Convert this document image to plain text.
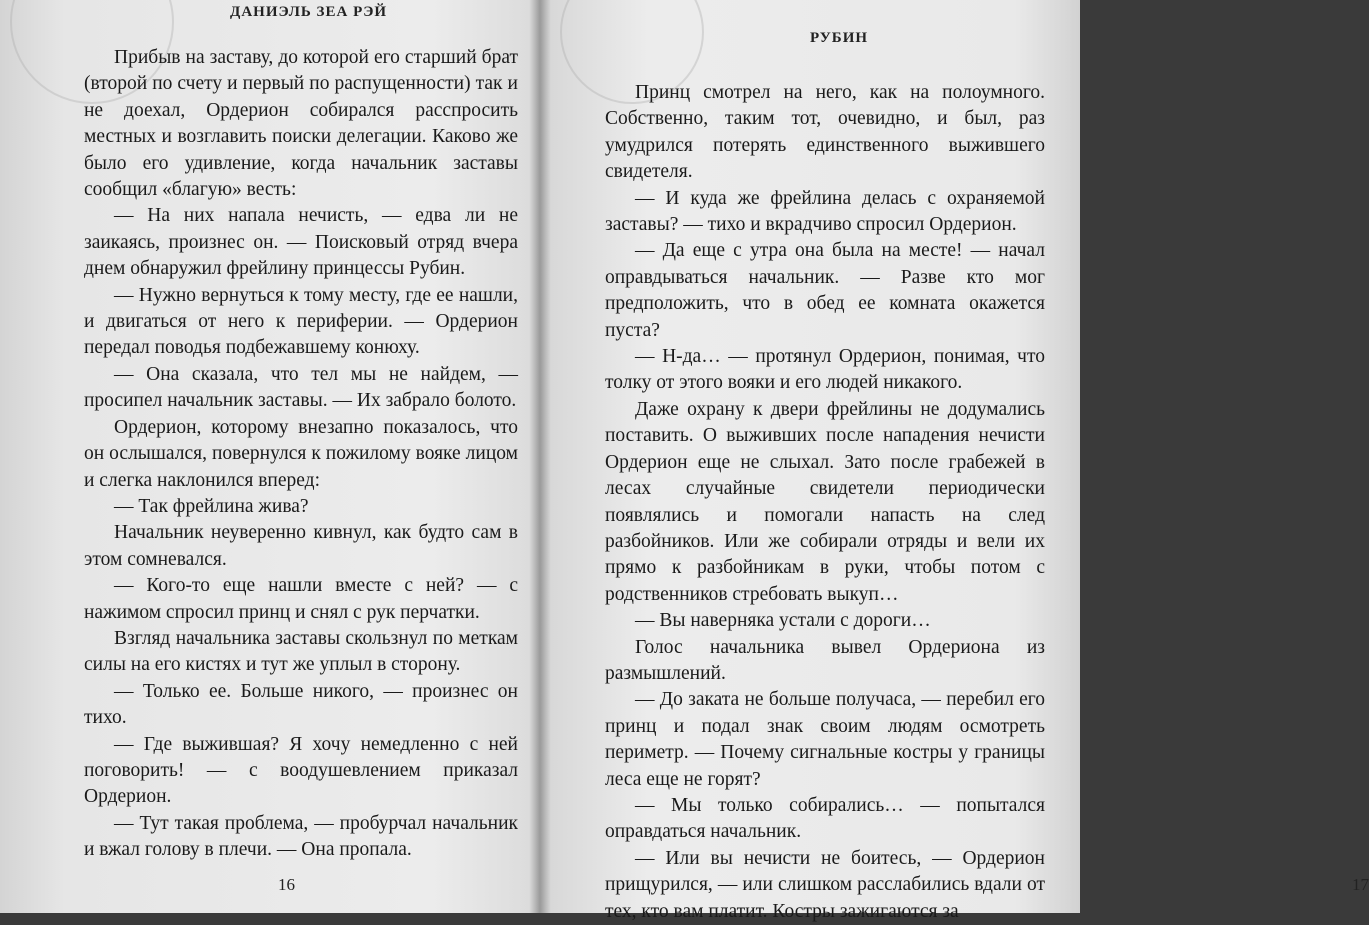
ДАНИЭЛЬ ЗЕА РЭЙ

Прибыв на заставу, до которой его старший брат (второй по счету и первый по распущенности) так и не доехал, Ордерион собирался расспросить местных и возглавить поиски делегации. Каково же было его удивление, когда начальник заставы сообщил «благую» весть:

— На них напала нечисть, — едва ли не заикаясь, произнес он. — Поисковый отряд вчера днем обнаружил фрейлину принцессы Рубин.

— Нужно вернуться к тому месту, где ее нашли, и двигаться от него к периферии. — Ордерион передал поводья подбежавшему конюху.

— Она сказала, что тел мы не найдем, — просипел начальник заставы. — Их забрало болото.

Ордерион, которому внезапно показалось, что он ослышался, повернулся к пожилому вояке лицом и слегка наклонился вперед:

— Так фрейлина жива?

Начальник неуверенно кивнул, как будто сам в этом сомневался.

— Кого-то еще нашли вместе с ней? — с нажимом спросил принц и снял с рук перчатки.

Взгляд начальника заставы скользнул по меткам силы на его кистях и тут же уплыл в сторону.

— Только ее. Больше никого, — произнес он тихо.

— Где выжившая? Я хочу немедленно с ней поговорить! — с воодушевлением приказал Ордерион.

— Тут такая проблема, — пробурчал начальник и вжал голову в плечи. — Она пропала.

16
РУБИН
17

Принц смотрел на него, как на полоумного. Собственно, таким тот, очевидно, и был, раз умудрился потерять единственного выжившего свидетеля.

— И куда же фрейлина делась с охраняемой заставы? — тихо и вкрадчиво спросил Ордерион.

— Да еще с утра она была на месте! — начал оправдываться начальник. — Разве кто мог предположить, что в обед ее комната окажется пуста?

— Н-да… — протянул Ордерион, понимая, что толку от этого вояки и его людей никакого.

Даже охрану к двери фрейлины не додумались поставить. О выживших после нападения нечисти Ордерион еще не слыхал. Зато после грабежей в лесах случайные свидетели периодически появлялись и помогали напасть на след разбойников. Или же собирали отряды и вели их прямо к разбойникам в руки, чтобы потом с родственников стребовать выкуп…

— Вы наверняка устали с дороги…

Голос начальника вывел Ордериона из размышлений.

— До заката не больше получаса, — перебил его принц и подал знак своим людям осмотреть периметр. — Почему сигнальные костры у границы леса еще не горят?

— Мы только собирались… — попытался оправдаться начальник.

— Или вы нечисти не боитесь, — Ордерион прищурился, — или слишком расслабились вдали от тех, кто вам платит. Костры зажигаются за
